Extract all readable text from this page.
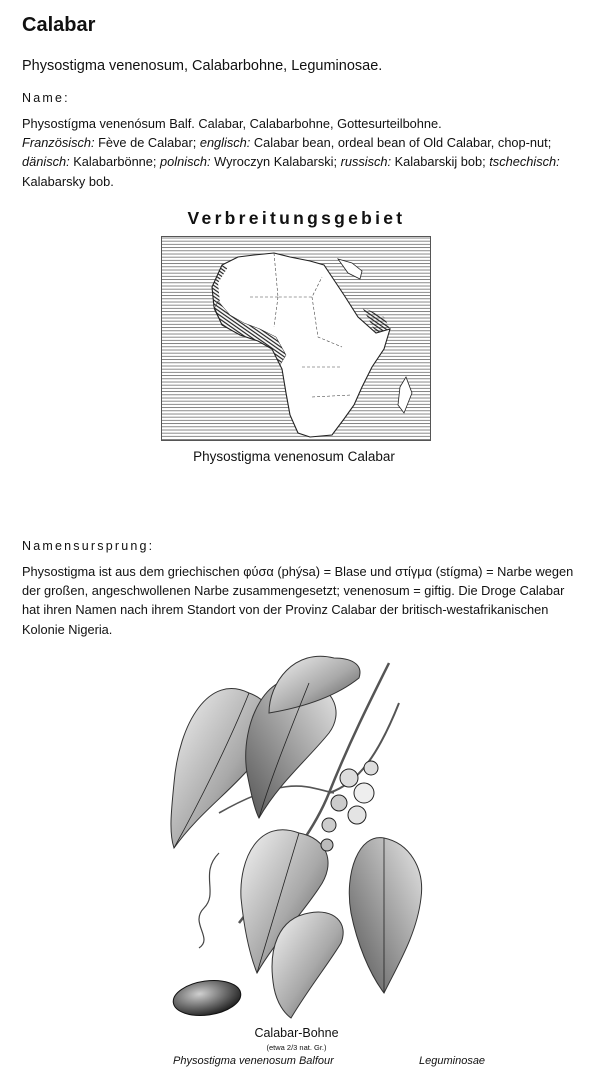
Calabar
Physostigma venenosum, Calabarbohne, Leguminosae.
Name:
Physostígma venenósum Balf. Calabar, Calabarbohne, Gottesurteilbohne.
Französisch: Fève de Calabar; englisch: Calabar bean, ordeal bean of Old Calabar, chop-nut; dänisch: Kalabarbönne; polnisch: Wyroczyn Kalabarski; russisch: Kalabarskij bob; tschechisch: Kalabarsky bob.
Verbreitungsgebiet
Physostigma venenosum Calabar
Namensursprung:
Physostigma ist aus dem griechischen φύσα (phýsa) = Blase und στίγμα (stígma) = Narbe wegen der großen, angeschwollenen Narbe zusammengesetzt; venenosum = giftig. Die Droge Calabar hat ihren Namen nach ihrem Standort von der Provinz Calabar der britisch-westafrikanischen Kolonie Nigeria.
Calabar-Bohne
(etwa 2/3 nat. Gr.)
Physostigma venenosum Balfour	Leguminosae
